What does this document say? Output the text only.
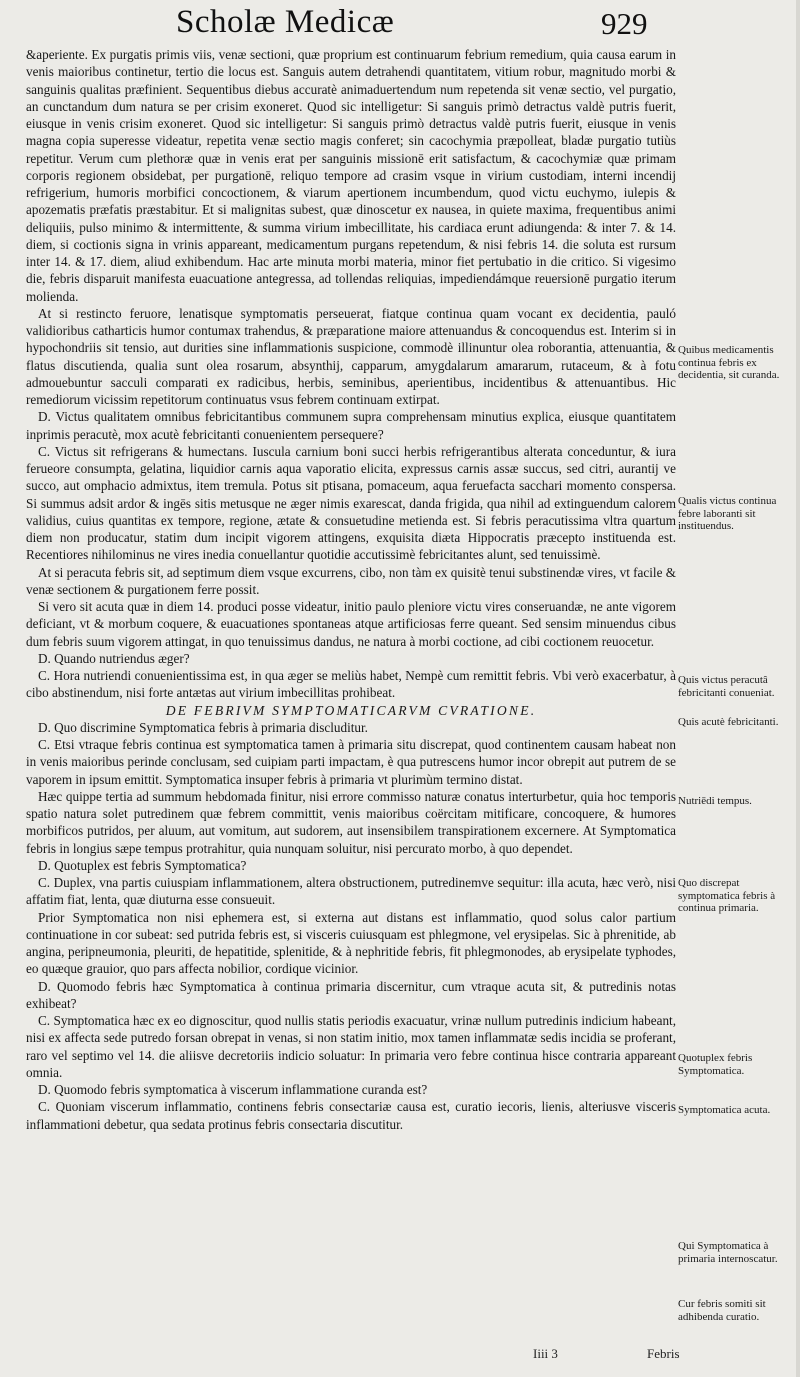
Scholæ Medicæ	929

&aperiente. Ex purgatis primis viis, venæ sectioni, quæ proprium est continuarum febrium remedium, quia causa earum in venis maioribus continetur, tertio die locus est. Sanguis autem detrahendi quantitatem, vitium robur, magnitudo morbi & sanguinis qualitas præfinient. Sequentibus diebus accuratè animaduertendum num repetenda sit venæ sectio, vel purgatio, an cunctandum dum natura se per crisim exoneret. Quod sic intelligetur: Si sanguis primò detractus valdè putris fuerit, eiusque in venis crisim exoneret. Quod sic intelligetur: Si sanguis primò detractus valdè putris fuerit, eiusque in venis magna copia superesse videatur, repetita venæ sectio magis conferet; sin cacochymia præpolleat, bladæ purgatio tutiùs repetitur. Verum cum plethoræ quæ in venis erat per sanguinis missionē erit satisfactum, & cacochymiæ quæ primam corporis regionem obsidebat, per purgationē, reliquo tempore ad crasim vsque in virium custodiam, interni incendij refrigerium, humoris morbifici concoctionem, & viarum apertionem incumbendum, quod victu euchymo, iulepis & apozematis præfatis præstabitur. Et si malignitas subest, quæ dinoscetur ex nausea, in quiete maxima, frequentibus animi deliquiis, pulso minimo & intermittente, & summa virium imbecillitate, his cardiaca erunt adiungenda: & inter 7. & 14. diem, si coctionis signa in vrinis appareant, medicamentum purgans repetendum, & nisi febris 14. die soluta est rursum inter 14. & 17. diem, aliud exhibendum. Hac arte minuta morbi materia, minor fiet pertubatio in die critico. Si vigesimo die, febris disparuit manifesta euacuatione antegressa, ad tollendas reliquias, impediendámque reuersionē purgatio iterum molienda.

At si restincto feruore, lenatisque symptomatis perseuerat, fiatque continua quam vocant ex decidentia, pauló validioribus catharticis humor contumax trahendus, & præparatione maiore attenuandus & concoquendus est. Interim si in hypochondriis sit tensio, aut durities sine inflammationis suspicione, commodè illinuntur olea roborantia, attenuantia, & flatus discutienda, qualia sunt olea rosarum, absynthij, capparum, amygdalarum amararum, rutaceum, & à fotu admouebuntur sacculi comparati ex radicibus, herbis, seminibus, aperientibus, incidentibus & attenuantibus. Hic remediorum vicissim repetitorum continuatus vsus febrem continuam extirpat.

D. Victus qualitatem omnibus febricitantibus communem supra comprehensam minutius explica, eiusque quantitatem inprimis peracutè, mox acutè febricitanti conuenientem persequere?

C. Victus sit refrigerans & humectans. Iuscula carnium boni succi herbis refrigerantibus alterata conceduntur, & iura ferueore consumpta, gelatina, liquidior carnis aqua vaporatio elicita, expressus carnis assæ succus, sed citri, aurantij ve succo, aut omphacio admixtus, item tremula. Potus sit ptisana, pomaceum, aqua feruefacta sacchari momento conspersa. Si summus adsit ardor & ingēs sitis metusque ne æger nimis exarescat, danda frigida, qua nihil ad extinguendum calorem validius, cuius quantitas ex tempore, regione, ætate & consuetudine metienda est. Si febris peracutissima vltra quartum diem non producatur, statim dum incipit vigorem attingens, exquisita diæta Hippocratis præcepto instituenda est. Recentiores nihilominus ne vires inedia conuellantur quotidie accutissimè febricitantes alunt, sed tenuissimè.

At si peracuta febris sit, ad septimum diem vsque excurrens, cibo, non tàm ex quisitè tenui substinendæ vires, vt facile & venæ sectionem & purgationem ferre possit.

Si vero sit acuta quæ in diem 14. produci posse videatur, initio paulo pleniore victu vires conseruandæ, ne ante vigorem deficiant, vt & morbum coquere, & euacuationes spontaneas atque artificiosas ferre queant. Sed sensim minuendus cibus dum febris suum vigorem attingat, in quo tenuissimus dandus, ne natura à morbi coctione, ad cibi coctionem reuocetur.

D. Quando nutriendus æger?

C. Hora nutriendi conuenientissima est, in qua æger se meliùs habet, Nempè cum remittit febris. Vbi verò exacerbatur, à cibo abstinendum, nisi forte antætas aut virium imbecillitas prohibeat.

DE FEBRIVM SYMPTOMATICARVM CVRATIONE.

D. Quo discrimine Symptomatica febris à primaria discluditur.

C. Etsi vtraque febris continua est symptomatica tamen à primaria situ discrepat, quod continentem causam habeat non in venis maioribus perinde conclusam, sed cuipiam parti impactam, è qua putrescens humor incor obrepit aut putrem de se vaporem in ipsum emittit. Symptomatica insuper febris à primaria vt plurimùm termino distat.

Hæc quippe tertia ad summum hebdomada finitur, nisi errore commisso naturæ conatus interturbetur, quia hoc temporis spatio natura solet putredinem quæ febrem committit, venis maioribus coërcitam mitificare, concoquere, & humores morbificos putridos, per aluum, aut vomitum, aut sudorem, aut insensibilem transpirationem excernere. At Symptomatica febris in longius sæpe tempus protrahitur, quia nunquam soluitur, nisi percurato morbo, à quo dependet.

D. Quotuplex est febris Symptomatica?

C. Duplex, vna partis cuiuspiam inflammationem, altera obstructionem, putredinemve sequitur: illa acuta, hæc verò, nisi affatim fiat, lenta, quæ diuturna esse consueuit.

Prior Symptomatica non nisi ephemera est, si externa aut distans est inflammatio, quod solus calor partium continuatione in cor subeat: sed putrida febris est, si visceris cuiusquam est phlegmone, vel erysipelas. Sic à phrenitide, ab angina, peripneumonia, pleuriti, de hepatitide, splenitide, & à nephritide febris, fit phlegmonodes, ab erysipelate typhodes, eo quæque grauior, quo pars affecta nobilior, cordique vicinior.

D. Quomodo febris hæc Symptomatica à continua primaria discernitur, cum vtraque acuta sit, & putredinis notas exhibeat?

C. Symptomatica hæc ex eo dignoscitur, quod nullis statis periodis exacuatur, vrinæ nullum putredinis indicium habeant, nisi ex affecta sede putredo forsan obrepat in venas, si non statim initio, mox tamen inflammatæ sedis incidia se proferant, raro vel septimo vel 14. die aliisve decretoriis indicio soluatur: In primaria vero febre continua hisce contraria appareant omnia.

D. Quomodo febris symptomatica à viscerum inflammatione curanda est?

C. Quoniam viscerum inflammatio, continens febris consectariæ causa est, curatio iecoris, lienis, alteriusve visceris inflammationi debetur, qua sedata protinus febris consectaria discutitur.

Quibus medicamentis continua febris ex decidentia, sit curanda.
Qualis victus continua febre laboranti sit instituendus.
Quis victus peracutâ febricitanti conueniat.
Quis acutè febricitanti.
Nutriēdi tempus.
Quo discrepat symptomatica febris à continua primaria.
Quotuplex febris Symptomatica.
Symptomatica acuta.
Qui Symptomatica à primaria internoscatur.
Cur febris somiti sit adhibenda curatio.
Iiii 3	Febris
